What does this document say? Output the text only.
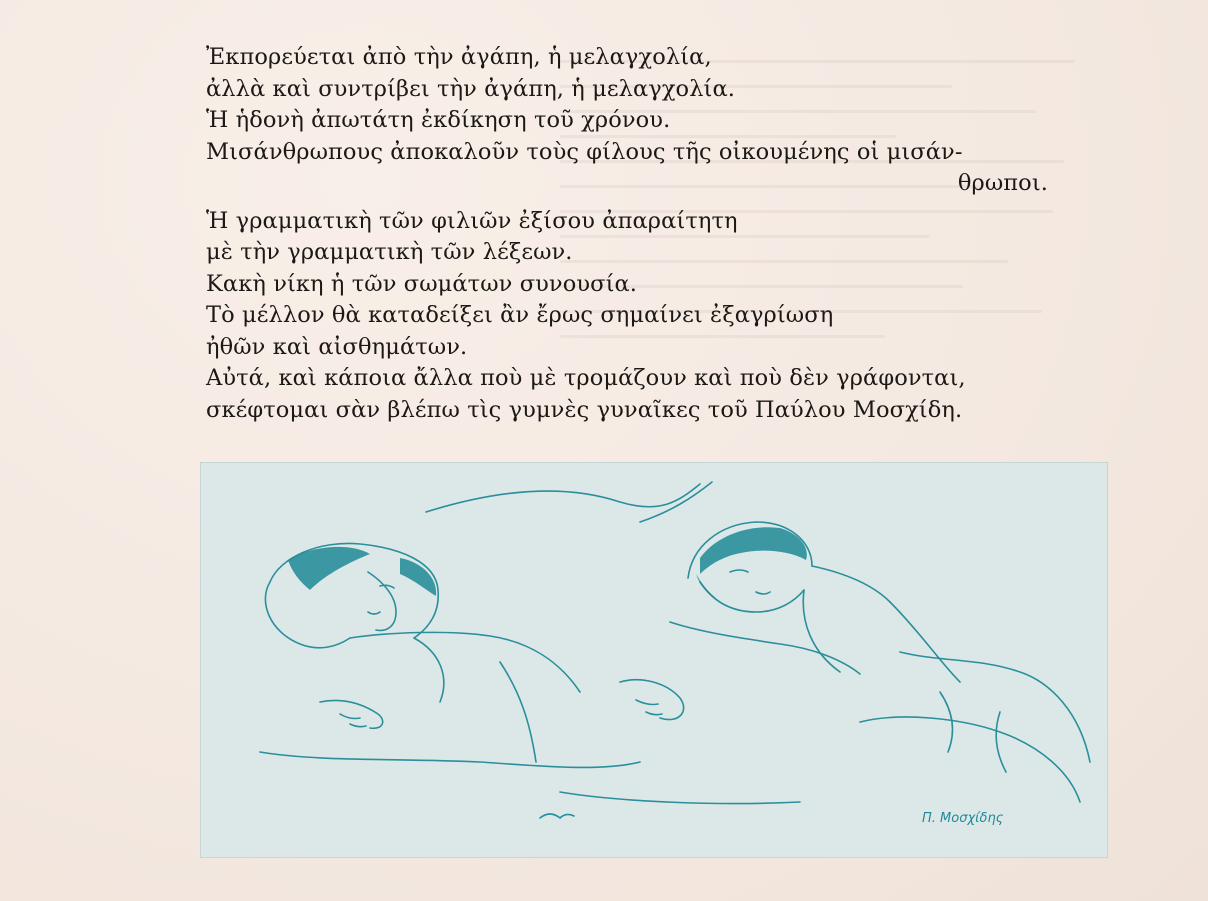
Ἐκπορεύεται ἀπὸ τὴν ἀγάπη, ἡ μελαγχολία,
ἀλλὰ καὶ συντρίβει τὴν ἀγάπη, ἡ μελαγχολία.
Ἡ ἡδονὴ ἀπωτάτη ἐκδίκηση τοῦ χρόνου.
Μισάνθρωπους ἀποκαλοῦν τοὺς φίλους τῆς οἰκουμένης οἱ μισάν-
θρωποι.
Ἡ γραμματικὴ τῶν φιλιῶν ἐξίσου ἀπαραίτητη
μὲ τὴν γραμματικὴ τῶν λέξεων.
Κακὴ νίκη ἡ τῶν σωμάτων συνουσία.
Τὸ μέλλον θὰ καταδείξει ἂν ἔρως σημαίνει ἐξαγρίωση
ἠθῶν καὶ αἰσθημάτων.
Αὐτά, καὶ κάποια ἄλλα ποὺ μὲ τρομάζουν καὶ ποὺ δὲν γράφονται,
σκέφτομαι σὰν βλέπω τὶς γυμνὲς γυναῖκες τοῦ Παύλου Μοσχίδη.
Π. Μοσχίδης
